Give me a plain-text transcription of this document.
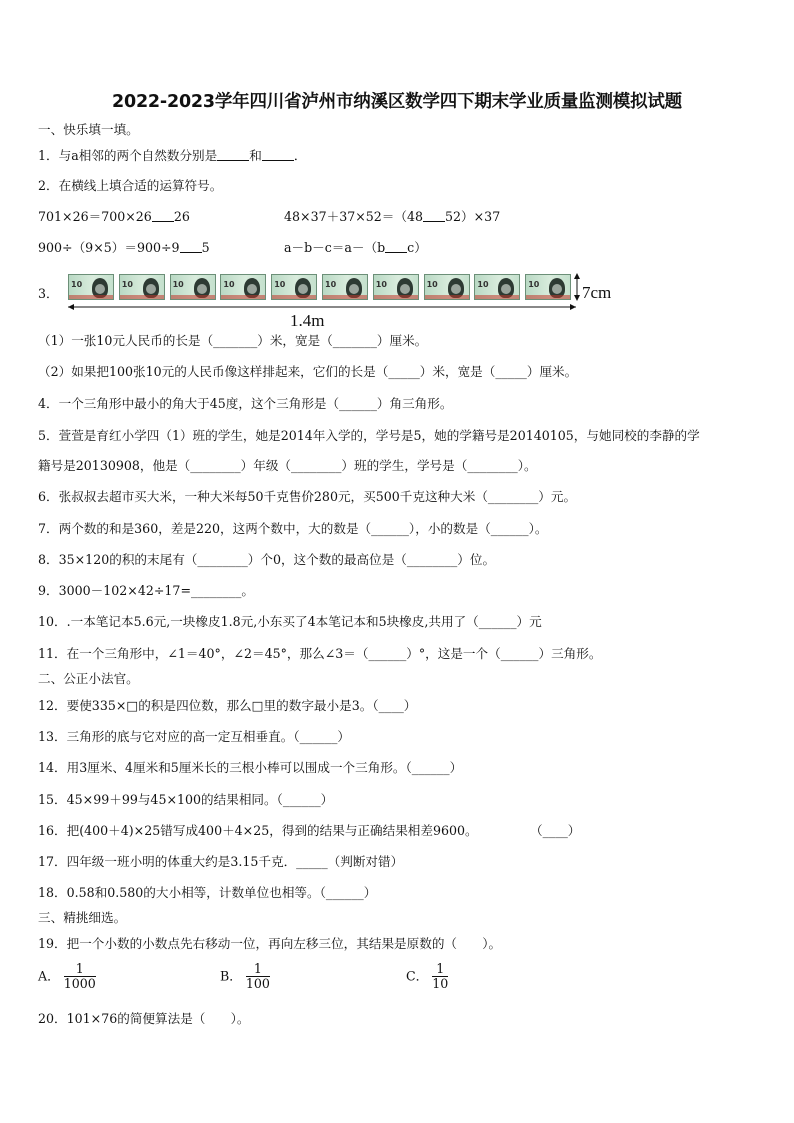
2022-2023学年四川省泸州市纳溪区数学四下期末学业质量监测模拟试题
一、快乐填一填。
1．与a相邻的两个自然数分别是	和	．
2．在横线上填合适的运算符号。
701×26＝700×26 26	48×37＋37×52＝（48 52）×37
900÷（9×5）＝900÷9 5	a－b－c＝a－（b c）
3．
10	10	10	10	10	10	10	10	10	10	7cm
1.4m
（1）一张10元人民币的长是（_______）米，宽是（_______）厘米。
（2）如果把100张10元的人民币像这样排起来，它们的长是（_____）米，宽是（_____）厘米。
4．一个三角形中最小的角大于45度，这个三角形是（______）角三角形。
5．萱萱是育红小学四（1）班的学生，她是2014年入学的，学号是5，她的学籍号是20140105，与她同校的李静的学
籍号是20130908，他是（________）年级（________）班的学生，学号是（________）。
6．张叔叔去超市买大米，一种大米每50千克售价280元，买500千克这种大米（________）元。
7．两个数的和是360，差是220，这两个数中，大的数是（______），小的数是（______）。
8．35×120的积的末尾有（________）个0，这个数的最高位是（________）位。
9．3000－102×42÷17=________。
10．.一本笔记本5.6元,一块橡皮1.8元,小东买了4本笔记本和5块橡皮,共用了（______）元
11．在一个三角形中，∠1＝40°，∠2＝45°，那么∠3＝（______）°，这是一个（______）三角形。
二、公正小法官。
12．要使335×□的积是四位数，那么□里的数字最小是3。（____）
13．三角形的底与它对应的高一定互相垂直。（______）
14．用3厘米、4厘米和5厘米长的三根小棒可以围成一个三角形。（______）
15．45×99＋99与45×100的结果相同。（______）
16．把(400＋4)×25错写成400＋4×25，得到的结果与正确结果相差9600。	（____）
17．四年级一班小明的体重大约是3.15千克．_____（判断对错）
18．0.58和0.580的大小相等，计数单位也相等。（______）
三、精挑细选。
19．把一个小数的小数点先右移动一位，再向左移三位，其结果是原数的（　　）。
A． $\frac{1}{1000}$	B． $\frac{1}{100}$	C． $\frac{1}{10}$
20．101×76的简便算法是（　　）。
